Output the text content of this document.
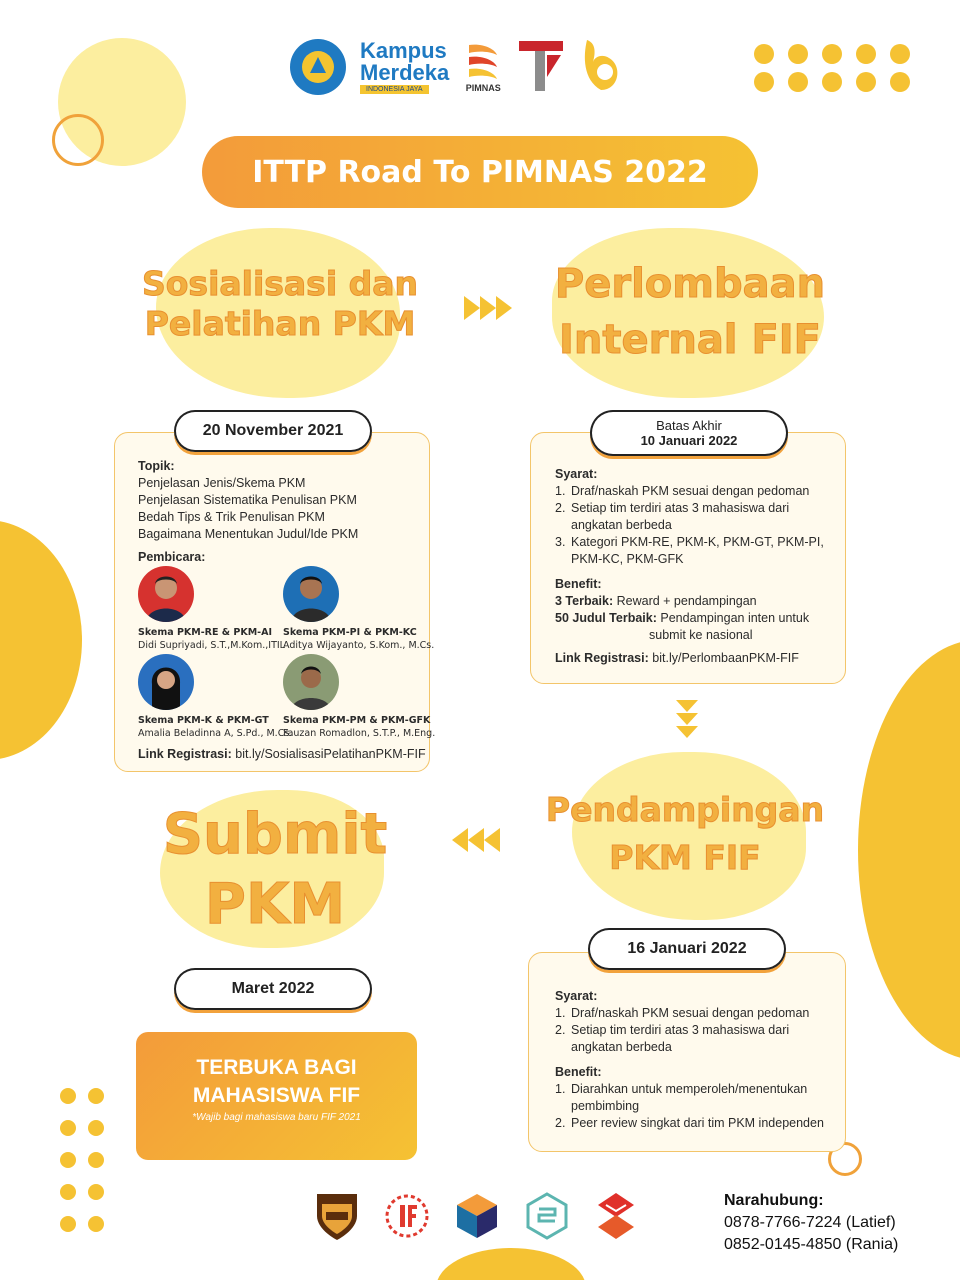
Kampus
Merdeka
INDONESIA JAYA	PIMNAS
ITTP Road To PIMNAS 2022
Sosialisasi dan
Pelatihan PKM
Perlombaan
Internal FIF
20 November 2021
Topik:
Penjelasan Jenis/Skema PKM
Penjelasan Sistematika Penulisan PKM
Bedah Tips & Trik Penulisan PKM
Bagaimana Menentukan Judul/Ide PKM
Pembicara:
Skema PKM-RE & PKM-AI
Didi Supriyadi, S.T.,M.Kom.,ITIL
Skema PKM-PI & PKM-KC
Aditya Wijayanto, S.Kom., M.Cs.
Skema PKM-K & PKM-GT
Amalia Beladinna A, S.Pd., M.Cs.
Skema PKM-PM & PKM-GFK
Fauzan Romadlon, S.T.P., M.Eng.
Link Registrasi: bit.ly/SosialisasiPelatihanPKM-FIF
Batas Akhir
10 Januari 2022
Syarat:
1. Draf/naskah PKM sesuai dengan pedoman
2. Setiap tim terdiri atas 3 mahasiswa dari
angkatan berbeda
3. Kategori PKM-RE, PKM-K, PKM-GT, PKM-PI,
PKM-KC, PKM-GFK
Benefit:
3 Terbaik: Reward + pendampingan
50 Judul Terbaik: Pendampingan inten untuk
submit ke nasional
Link Registrasi: bit.ly/PerlombaanPKM-FIF
Pendampingan
PKM FIF
Submit
PKM
16 Januari 2022
Syarat:
1. Draf/naskah PKM sesuai dengan pedoman
2. Setiap tim terdiri atas 3 mahasiswa dari
angkatan berbeda
Benefit:
1. Diarahkan untuk memperoleh/menentukan
pembimbing
2. Peer review singkat dari tim PKM independen
Maret 2022
TERBUKA BAGI
MAHASISWA FIF
*Wajib bagi mahasiswa baru FIF 2021
Narahubung:
0878-7766-7224 (Latief)
0852-0145-4850 (Rania)
